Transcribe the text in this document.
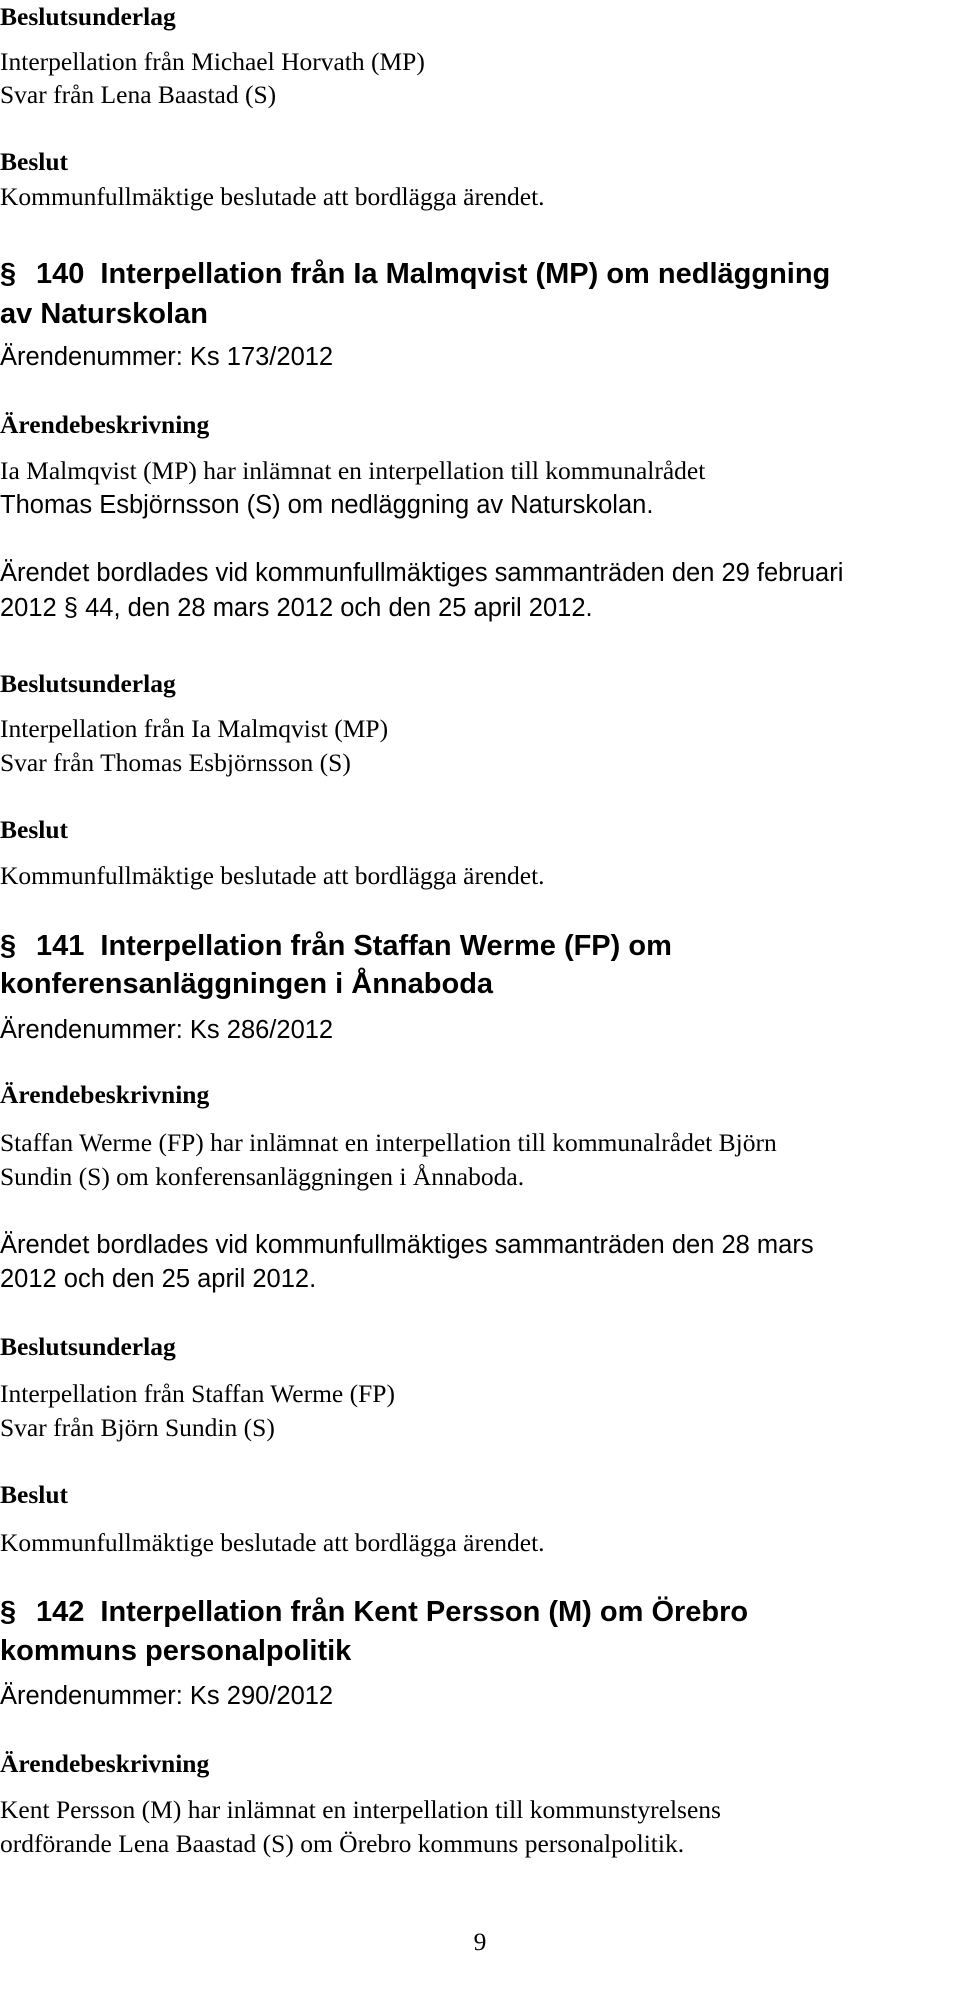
Beslutsunderlag
Interpellation från Michael Horvath (MP)
Svar från Lena Baastad (S)
Beslut
Kommunfullmäktige beslutade att bordlägga ärendet.
§ 140 Interpellation från Ia Malmqvist (MP) om nedläggning
av Naturskolan
Ärendenummer: Ks 173/2012
Ärendebeskrivning
Ia Malmqvist (MP) har inlämnat en interpellation till kommunalrådet
Thomas Esbjörnsson (S) om nedläggning av Naturskolan.
Ärendet bordlades vid kommunfullmäktiges sammanträden den 29 februari
2012 § 44, den 28 mars 2012 och den 25 april 2012.
Beslutsunderlag
Interpellation från Ia Malmqvist (MP)
Svar från Thomas Esbjörnsson (S)
Beslut
Kommunfullmäktige beslutade att bordlägga ärendet.
§ 141 Interpellation från Staffan Werme (FP) om
konferensanläggningen i Ånnaboda
Ärendenummer: Ks 286/2012
Ärendebeskrivning
Staffan Werme (FP) har inlämnat en interpellation till kommunalrådet Björn
Sundin (S) om konferensanläggningen i Ånnaboda.
Ärendet bordlades vid kommunfullmäktiges sammanträden den 28 mars
2012 och den 25 april 2012.
Beslutsunderlag
Interpellation från Staffan Werme (FP)
Svar från Björn Sundin (S)
Beslut
Kommunfullmäktige beslutade att bordlägga ärendet.
§ 142 Interpellation från Kent Persson (M) om Örebro
kommuns personalpolitik
Ärendenummer: Ks 290/2012
Ärendebeskrivning
Kent Persson (M) har inlämnat en interpellation till kommunstyrelsens
ordförande Lena Baastad (S) om Örebro kommuns personalpolitik.
9
